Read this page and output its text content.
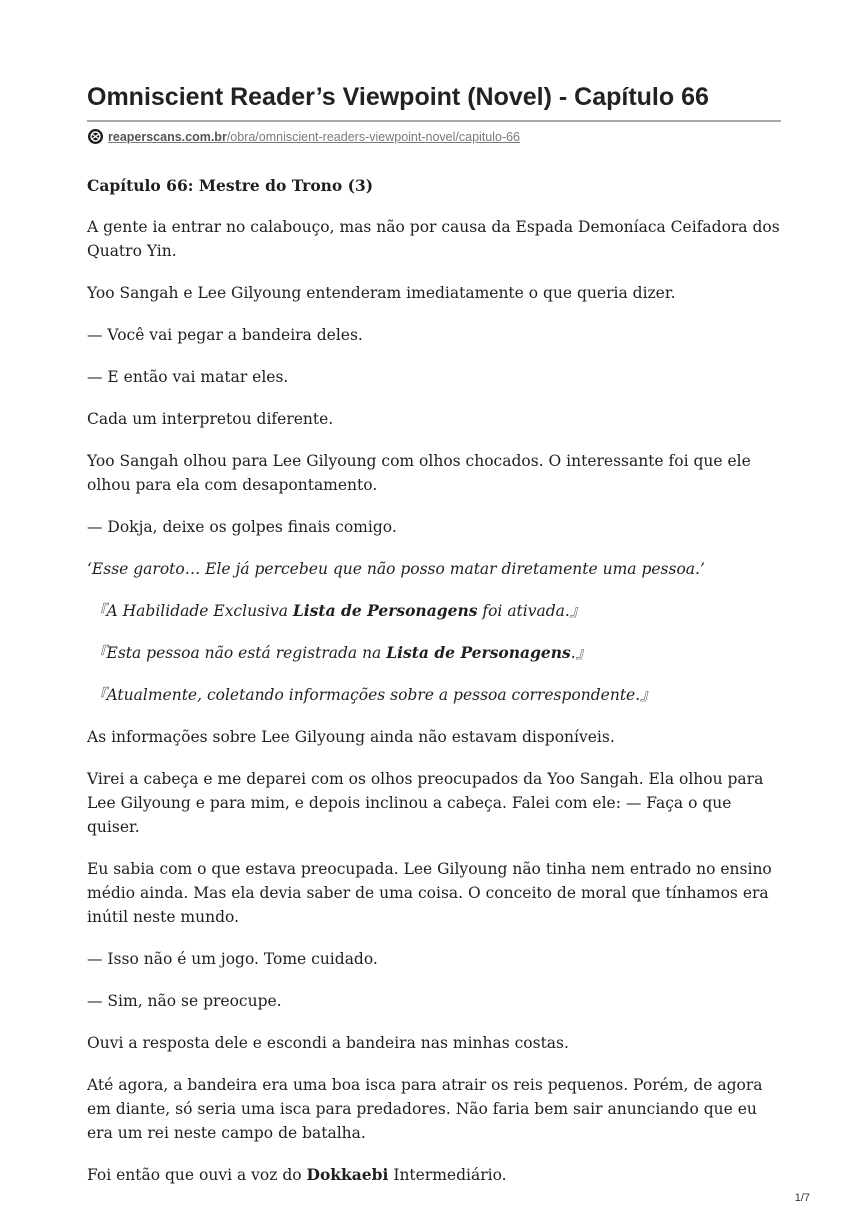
Omniscient Reader’s Viewpoint (Novel) - Capítulo 66
reaperscans.com.br/obra/omniscient-readers-viewpoint-novel/capitulo-66
Capítulo 66: Mestre do Trono (3)

A gente ia entrar no calabouço, mas não por causa da Espada Demoníaca Ceifadora dos Quatro Yin.

Yoo Sangah e Lee Gilyoung entenderam imediatamente o que queria dizer.

— Você vai pegar a bandeira deles.

— E então vai matar eles.

Cada um interpretou diferente.

Yoo Sangah olhou para Lee Gilyoung com olhos chocados. O interessante foi que ele olhou para ela com desapontamento.

— Dokja, deixe os golpes finais comigo.

‘Esse garoto… Ele já percebeu que não posso matar diretamente uma pessoa.’

『A Habilidade Exclusiva Lista de Personagens foi ativada.』

『Esta pessoa não está registrada na Lista de Personagens.』

『Atualmente, coletando informações sobre a pessoa correspondente.』

As informações sobre Lee Gilyoung ainda não estavam disponíveis.

Virei a cabeça e me deparei com os olhos preocupados da Yoo Sangah. Ela olhou para Lee Gilyoung e para mim, e depois inclinou a cabeça. Falei com ele: — Faça o que quiser.

Eu sabia com o que estava preocupada. Lee Gilyoung não tinha nem entrado no ensino médio ainda. Mas ela devia saber de uma coisa. O conceito de moral que tínhamos era inútil neste mundo.

— Isso não é um jogo. Tome cuidado.

— Sim, não se preocupe.

Ouvi a resposta dele e escondi a bandeira nas minhas costas.

Até agora, a bandeira era uma boa isca para atrair os reis pequenos. Porém, de agora em diante, só seria uma isca para predadores. Não faria bem sair anunciando que eu era um rei neste campo de batalha.

Foi então que ouvi a voz do Dokkaebi Intermediário.

1/7
